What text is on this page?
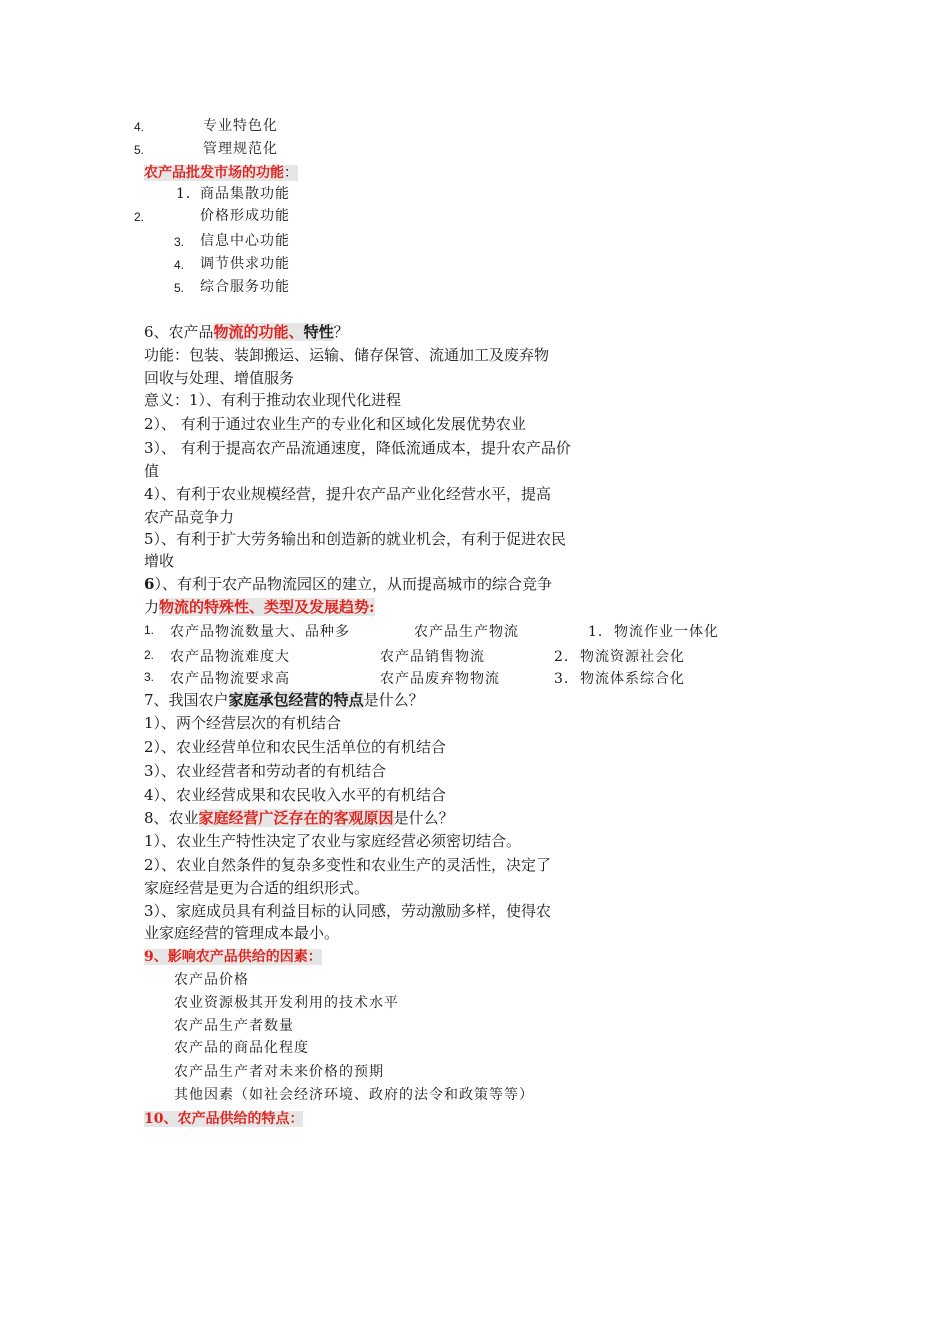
4.	专业特色化
5.	管理规范化
农产品批发市场的功能：
1． 商品集散功能
2.	价格形成功能
3. 信息中心功能
4. 调节供求功能
5. 综合服务功能
6、农产品物流的功能、特性？
功能：包装、装卸搬运、运输、储存保管、流通加工及废弃物
回收与处理、增值服务
意义：1）、有利于推动农业现代化进程
2）、 有利于通过农业生产的专业化和区域化发展优势农业
3）、 有利于提高农产品流通速度，降低流通成本，提升农产品价
值
4）、有利于农业规模经营，提升农产品产业化经营水平，提高
农产品竞争力
5）、有利于扩大劳务输出和创造新的就业机会，有利于促进农民
增收
6）、有利于农产品物流园区的建立，从而提高城市的综合竞争
力物流的特殊性、类型及发展趋势:
1. 农产品物流数量大、品种多	农产品生产物流	1． 物流作业一体化
2. 农产品物流难度大	农产品销售物流	2． 物流资源社会化
3. 农产品物流要求高	农产品废弃物物流	3． 物流体系综合化
7、我国农户家庭承包经营的特点是什么？
1）、两个经营层次的有机结合
2）、农业经营单位和农民生活单位的有机结合
3）、农业经营者和劳动者的有机结合
4）、农业经营成果和农民收入水平的有机结合
8、农业家庭经营广泛存在的客观原因是什么？
1）、农业生产特性决定了农业与家庭经营必须密切结合。
2）、农业自然条件的复杂多变性和农业生产的灵活性，决定了
家庭经营是更为合适的组织形式。
3）、家庭成员具有利益目标的认同感，劳动激励多样，使得农
业家庭经营的管理成本最小。
9、影响农产品供给的因素：
农产品价格
农业资源极其开发利用的技术水平
农产品生产者数量
农产品的商品化程度
农产品生产者对未来价格的预期
其他因素（如社会经济环境、政府的法令和政策等等）
10、农产品供给的特点：
